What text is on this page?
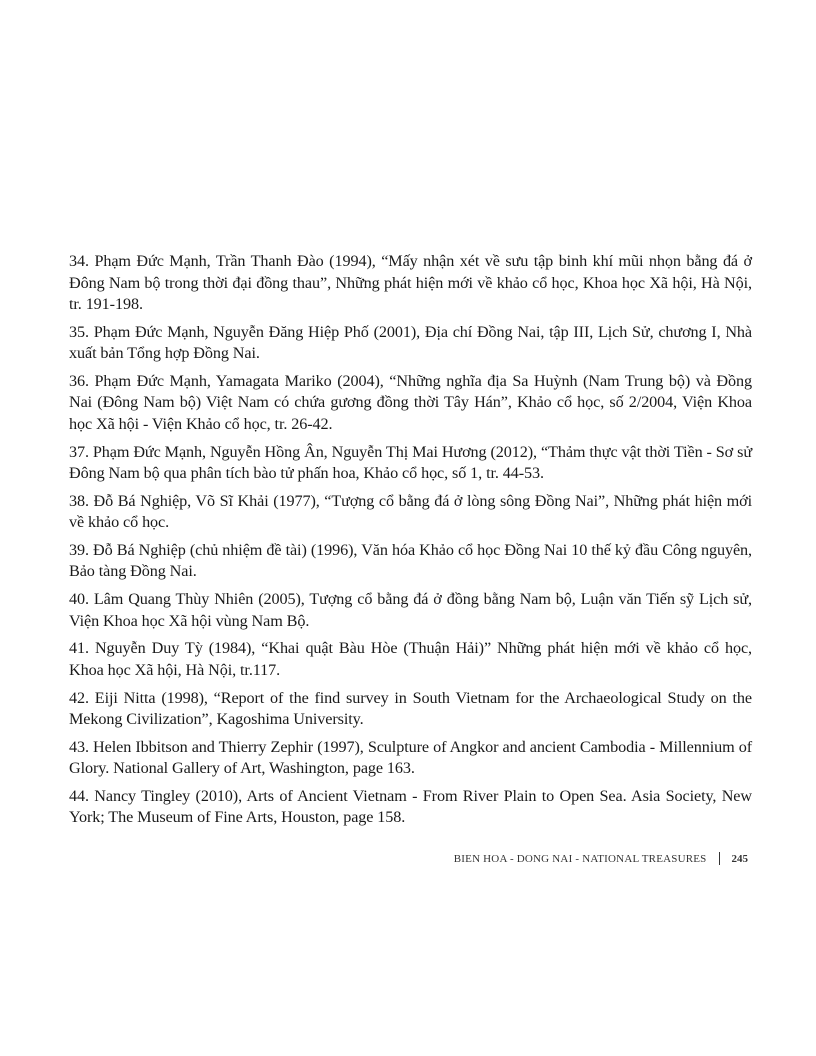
34. Phạm Đức Mạnh, Trần Thanh Đào (1994), “Mấy nhận xét về sưu tập binh khí mũi nhọn bằng đá ở Đông Nam bộ trong thời đại đồng thau”, Những phát hiện mới về khảo cổ học, Khoa học Xã hội, Hà Nội, tr. 191-198.

35. Phạm Đức Mạnh, Nguyễn Đăng Hiệp Phố (2001), Địa chí Đồng Nai, tập III, Lịch Sử, chương I, Nhà xuất bản Tổng hợp Đồng Nai.

36. Phạm Đức Mạnh, Yamagata Mariko (2004), “Những nghĩa địa Sa Huỳnh (Nam Trung bộ) và Đồng Nai (Đông Nam bộ) Việt Nam có chứa gương đồng thời Tây Hán”, Khảo cổ học, số 2/2004, Viện Khoa học Xã hội - Viện Khảo cổ học, tr. 26-42.

37. Phạm Đức Mạnh, Nguyễn Hồng Ân, Nguyễn Thị Mai Hương (2012), “Thảm thực vật thời Tiền - Sơ sử Đông Nam bộ qua phân tích bào tử phấn hoa, Khảo cổ học, số 1, tr. 44-53.

38. Đỗ Bá Nghiệp, Võ Sĩ Khải (1977), “Tượng cổ bằng đá ở lòng sông Đồng Nai”, Những phát hiện mới về khảo cổ học.

39. Đỗ Bá Nghiệp (chủ nhiệm đề tài) (1996), Văn hóa Khảo cổ học Đồng Nai 10 thế kỷ đầu Công nguyên, Bảo tàng Đồng Nai.

40. Lâm Quang Thùy Nhiên (2005), Tượng cổ bằng đá ở đồng bằng Nam bộ, Luận văn Tiến sỹ Lịch sử, Viện Khoa học Xã hội vùng Nam Bộ.

41. Nguyễn Duy Tỳ (1984), “Khai quật Bàu Hòe (Thuận Hải)” Những phát hiện mới về khảo cổ học, Khoa học Xã hội, Hà Nội, tr.117.

42. Eiji Nitta (1998), “Report of the find survey in South Vietnam for the Archaeological Study on the Mekong Civilization”, Kagoshima University.

43. Helen Ibbitson and Thierry Zephir (1997), Sculpture of Angkor and ancient Cambodia - Millennium of Glory. National Gallery of Art, Washington, page 163.

44. Nancy Tingley (2010), Arts of Ancient Vietnam - From River Plain to Open Sea. Asia Society, New York; The Museum of Fine Arts, Houston, page 158.

BIEN HOA - DONG NAI - NATIONAL TREASURES 245
